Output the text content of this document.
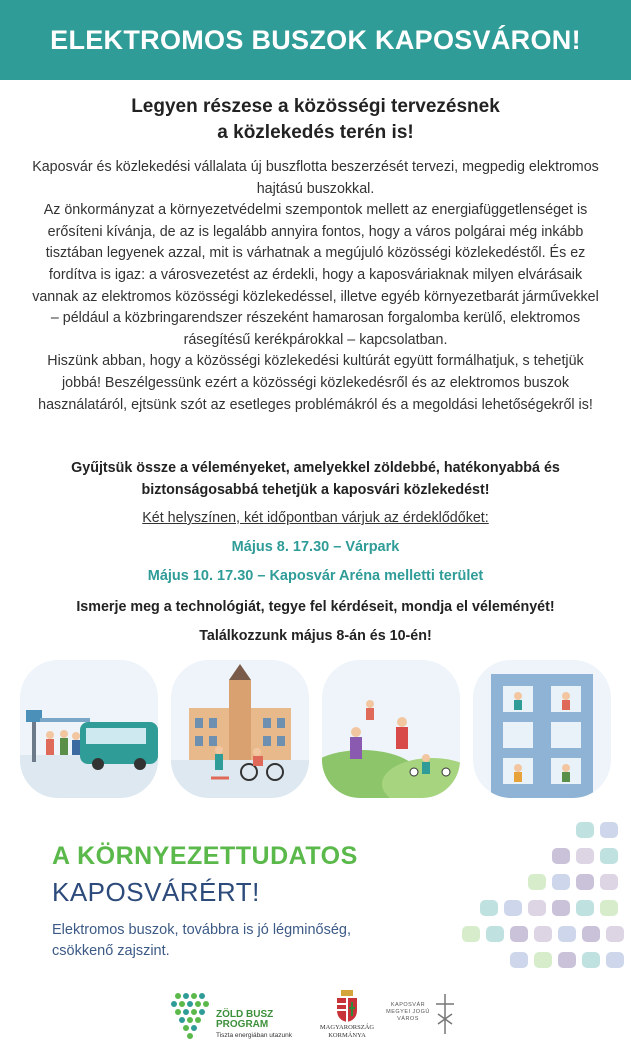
ELEKTROMOS BUSZOK KAPOSVÁRON!
Legyen részese a közösségi tervezésnek
a közlekedés terén is!

Kaposvár és közlekedési vállalata új buszflotta beszerzését tervezi, megpedig elektromos hajtású buszokkal.

Az önkormányzat a környezetvédelmi szempontok mellett az energiafüggetlenséget is erősíteni kívánja, de az is legalább annyira fontos, hogy a város polgárai még inkább tisztában legyenek azzal, mit is várhatnak a megújuló közösségi közlekedéstől. És ez fordítva is igaz: a városvezetést az érdekli, hogy a kaposváriaknak milyen elvárásaik vannak az elektromos közösségi közlekedéssel, illetve egyéb környezetbarát járművekkel – például a közbringarendszer részeként hamarosan forgalomba kerülő, elektromos rásegítésű kerékpárokkal – kapcsolatban.

Hiszünk abban, hogy a közösségi közlekedési kultúrát együtt formálhatjuk, s tehetjük jobbá! Beszélgessünk ezért a közösségi közlekedésről és az elektromos buszok használatáról, ejtsünk szót az esetleges problémákról és a megoldási lehetőségekről is!

Gyűjtsük össze a véleményeket, amelyekkel zöldebbé, hatékonyabbá és
biztonságosabbá tehetjük a kaposvári közlekedést!
Két helyszínen, két időpontban várjuk az érdeklődőket:
Május 8. 17.30 – Várpark
Május 10. 17.30 – Kaposvár Aréna melletti terület
Ismerje meg a technológiát, tegye fel kérdéseit, mondja el véleményét!
Találkozzunk május 8-án és 10-én!
A KÖRNYEZETTUDATOS
KAPOSVÁRÉRT!
Elektromos buszok, továbbra is jó légminőség,
csökkenő zajszint.
ZÖLD BUSZ
PROGRAM
Tiszta energiában utazunk
MAGYARORSZÁG
KORMÁNYA
KAPOSVÁR
MEGYEI JOGÚ
VÁROS
